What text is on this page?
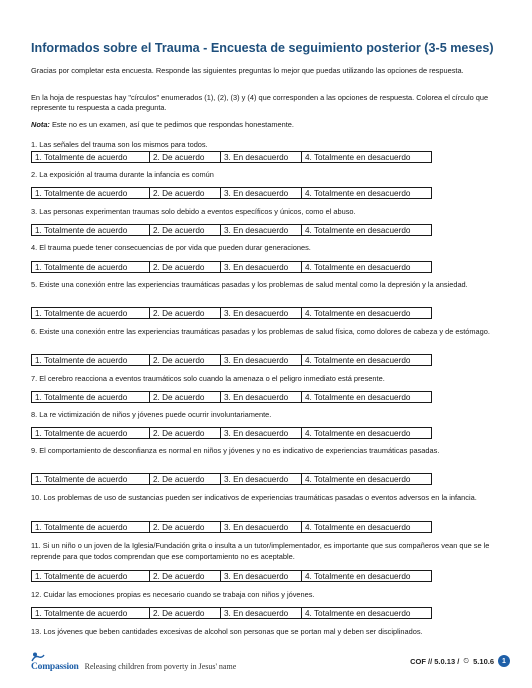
Informados sobre el Trauma - Encuesta de seguimiento posterior (3-5 meses)
Gracias por completar esta encuesta. Responde las siguientes preguntas lo mejor que puedas utilizando las opciones de respuesta.
En la hoja de respuestas hay "círculos" enumerados (1), (2), (3) y (4) que corresponden a las opciones de respuesta. Colorea el círculo que represente tu respuesta a cada pregunta.
Nota: Este no es un examen, así que te pedimos que respondas honestamente.
1. Las señales del trauma son los mismos para todos.
1. Totalmente de acuerdo	2. De acuerdo	3. En desacuerdo	4. Totalmente en desacuerdo
2. La exposición al trauma durante la infancia es común
1. Totalmente de acuerdo	2. De acuerdo	3. En desacuerdo	4. Totalmente en desacuerdo
3. Las personas experimentan traumas solo debido a eventos específicos y únicos, como el abuso.
1. Totalmente de acuerdo	2. De acuerdo	3. En desacuerdo	4. Totalmente en desacuerdo
4. El trauma puede tener consecuencias de por vida que pueden durar generaciones.
1. Totalmente de acuerdo	2. De acuerdo	3. En desacuerdo	4. Totalmente en desacuerdo
5. Existe una conexión entre las experiencias traumáticas pasadas y los problemas de salud mental como la depresión y la ansiedad.
1. Totalmente de acuerdo	2. De acuerdo	3. En desacuerdo	4. Totalmente en desacuerdo
6. Existe una conexión entre las experiencias traumáticas pasadas y los problemas de salud física, como dolores de cabeza y de estómago.
1. Totalmente de acuerdo	2. De acuerdo	3. En desacuerdo	4. Totalmente en desacuerdo
7. El cerebro reacciona a eventos traumáticos solo cuando la amenaza o el peligro inmediato está presente.
1. Totalmente de acuerdo	2. De acuerdo	3. En desacuerdo	4. Totalmente en desacuerdo
8. La re victimización de niños y jóvenes puede ocurrir involuntariamente.
1. Totalmente de acuerdo	2. De acuerdo	3. En desacuerdo	4. Totalmente en desacuerdo
9. El comportamiento de desconfianza es normal en niños y jóvenes y no es indicativo de experiencias traumáticas pasadas.
1. Totalmente de acuerdo	2. De acuerdo	3. En desacuerdo	4. Totalmente en desacuerdo
10. Los problemas de uso de sustancias pueden ser indicativos de experiencias traumáticas pasadas o eventos adversos en la infancia.
1. Totalmente de acuerdo	2. De acuerdo	3. En desacuerdo	4. Totalmente en desacuerdo
11. Si un niño o un joven de la Iglesia/Fundación grita o insulta a un tutor/implementador, es importante que sus compañeros vean que se le reprende para que todos comprendan que ese comportamiento no es aceptable.
1. Totalmente de acuerdo	2. De acuerdo	3. En desacuerdo	4. Totalmente en desacuerdo
12. Cuidar las emociones propias es necesario cuando se trabaja con niños y jóvenes.
1. Totalmente de acuerdo	2. De acuerdo	3. En desacuerdo	4. Totalmente en desacuerdo
13. Los jóvenes que beben cantidades excesivas de alcohol son personas que se portan mal y deben ser disciplinados.
Compassion Releasing children from poverty in Jesus' name
COF // 5.0.13 / ⏲ 5.10.6	1
